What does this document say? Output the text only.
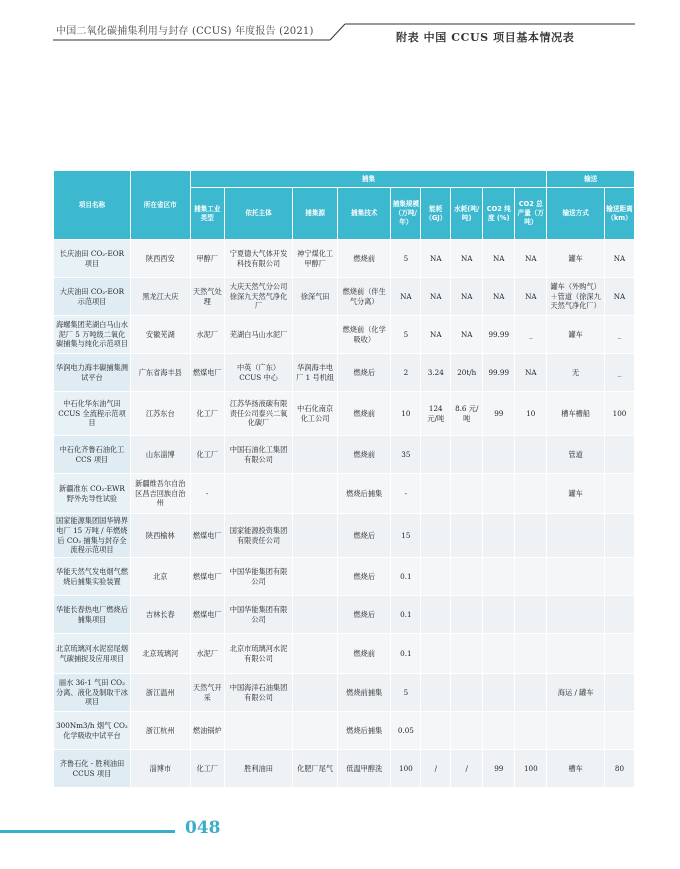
中国二氧化碳捕集利用与封存 (CCUS) 年度报告 (2021)	附表 中国 CCUS 项目基本情况表
项目名称	所在省区市	捕集									输送	
		捕集工业类型	依托主体	捕集源	捕集技术	捕集规模（万吨/年）	能耗（GJ）	水耗(吨/吨)	CO2 纯度 (%)	CO2 总产量（万吨）	输送方式	输送距离（km）
长庆油田 CO₂-EOR 项目	陕西西安	甲醇厂	宁夏德大气体开发科技有限公司	神宁煤化工甲醇厂	燃烧前	5	NA	NA	NA	NA	罐车	NA
大庆油田 CO₂-EOR 示范项目	黑龙江大庆	天然气处理	大庆天然气分公司徐深九天然气净化厂	徐深气田	燃烧前（伴生气分离）	NA	NA	NA	NA	NA	罐车（外购气）＋管道（徐深九天然气净化厂）	NA
海螺集团芜湖白马山水泥厂 5 万吨级二氧化碳捕集与纯化示范项目	安徽芜湖	水泥厂	芜湖白马山水泥厂		燃烧前（化学吸收）	5	NA	NA	99.99	_	罐车	_
华润电力海丰碳捕集测试平台	广东省海丰县	燃煤电厂	中英（广东）CCUS 中心	华润海丰电厂 1 号机组	燃烧后	2	3.24	20t/h	99.99	NA	无	_
中石化华东油气田 CCUS 全流程示范项目	江苏东台	化工厂	江苏华扬液碳有限责任公司泰兴二氧化碳厂	中石化南京化工公司	燃烧前	10	124 元/吨	8.6 元/吨	99	10	槽车槽船	100
中石化齐鲁石油化工 CCS 项目	山东淄博	化工厂	中国石油化工集团有限公司		燃烧前	35					管道	
新疆准东 CO₂-EWR 野外先导性试验	新疆维吾尔自治区昌吉回族自治州	-			燃烧后捕集	-					罐车	
国家能源集团国华锦界电厂 15 万吨 / 年燃烧后 CO₂ 捕集与封存全流程示范项目	陕西榆林	燃煤电厂	国家能源投资集团有限责任公司		燃烧后	15						
华能天然气发电烟气燃烧后捕集实验装置	北京	燃煤电厂	中国华能集团有限公司		燃烧后	0.1						
华能长春热电厂燃烧后捕集项目	吉林长春	燃煤电厂	中国华能集团有限公司		燃烧后	0.1						
北京琉璃河水泥窑尾烟气碳捕捉及应用项目	北京琉璃河	水泥厂	北京市琉璃河水泥有限公司		燃烧前	0.1						
丽水 36-1 气田 CO₂ 分离、液化及制取干冰项目	浙江温州	天然气开采	中国海洋石油集团有限公司		燃烧前捕集	5					海运 / 罐车	
300Nm3/h 烟气 CO₂ 化学吸收中试平台	浙江杭州	燃油锅炉			燃烧后捕集	0.05						
齐鲁石化 - 胜利油田 CCUS 项目	淄博市	化工厂	胜利油田	化肥厂尾气	低温甲醇洗	100	/	/	99	100	槽车	80
048
